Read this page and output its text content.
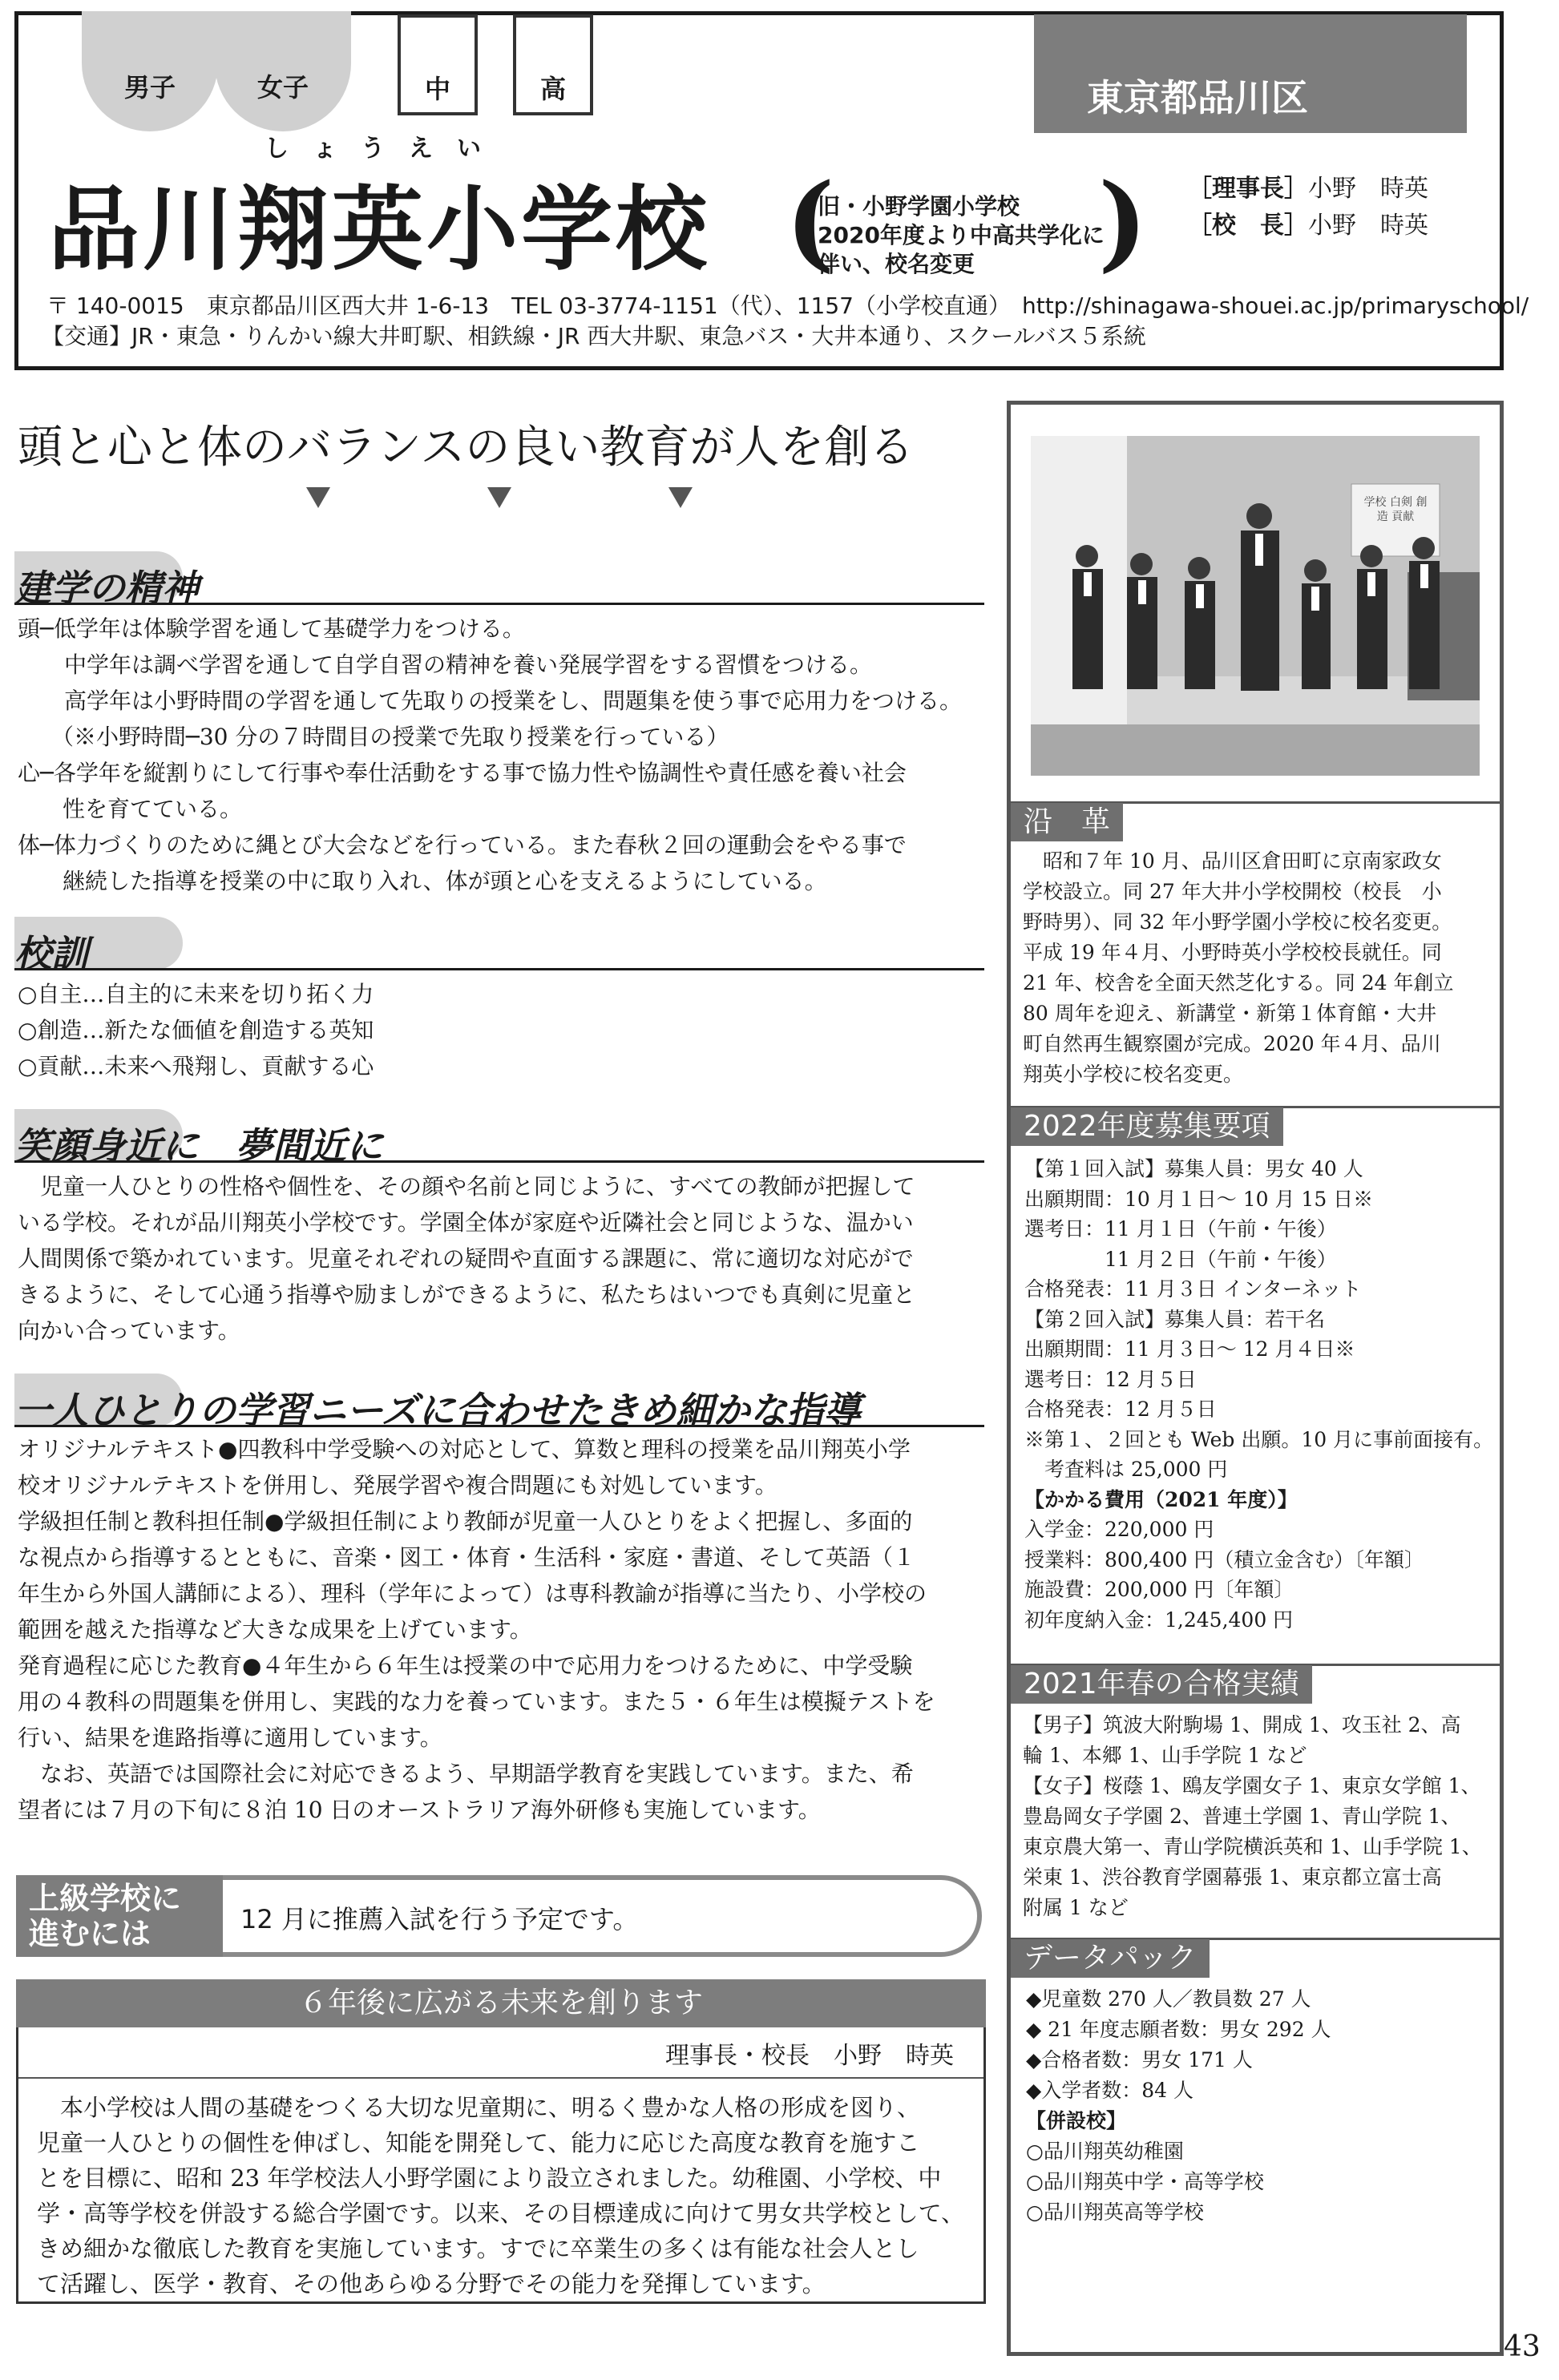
男子	女子	中	高	東京都品川区
しょうえい
品川翔英小学校 (
旧・小野学園小学校
2020年度より中高共学化に
伴い、校名変更	) ［理事長］小野　時英
［校　長］小野　時英
〒 140-0015　東京都品川区西大井 1-6-13　TEL 03-3774-1151（代）、1157（小学校直通）　http://shinagawa-shouei.ac.jp/primaryschool/
【交通】JR・東急・りんかい線大井町駅、相鉄線・JR 西大井駅、東急バス・大井本通り、スクールバス５系統
頭と心と体のバランスの良い教育が人を創る
建学の精神

頭─低学年は体験学習を通して基礎学力をつける。

中学年は調べ学習を通して自学自習の精神を養い発展学習をする習慣をつける。

高学年は小野時間の学習を通して先取りの授業をし、問題集を使う事で応用力をつける。

（※小野時間─30 分の７時間目の授業で先取り授業を行っている）

心─各学年を縦割りにして行事や奉仕活動をする事で協力性や協調性や責任感を養い社会

性を育てている。

体─体力づくりのために縄とび大会などを行っている。また春秋２回の運動会をやる事で

継続した指導を授業の中に取り入れ、体が頭と心を支えるようにしている。

校訓

○自主…自主的に未来を切り拓く力

○創造…新たな価値を創造する英知

○貢献…未来へ飛翔し、貢献する心

笑顔身近に　夢間近に

　児童一人ひとりの性格や個性を、その顔や名前と同じように、すべての教師が把握して

いる学校。それが品川翔英小学校です。学園全体が家庭や近隣社会と同じような、温かい

人間関係で築かれています。児童それぞれの疑問や直面する課題に、常に適切な対応がで

きるように、そして心通う指導や励ましができるように、私たちはいつでも真剣に児童と

向かい合っています。

一人ひとりの学習ニーズに合わせたきめ細かな指導

オリジナルテキスト●四教科中学受験への対応として、算数と理科の授業を品川翔英小学

校オリジナルテキストを併用し、発展学習や複合問題にも対処しています。

学級担任制と教科担任制●学級担任制により教師が児童一人ひとりをよく把握し、多面的

な視点から指導するとともに、音楽・図工・体育・生活科・家庭・書道、そして英語（１

年生から外国人講師による）、理科（学年によって）は専科教諭が指導に当たり、小学校の

範囲を越えた指導など大きな成果を上げています。

発育過程に応じた教育●４年生から６年生は授業の中で応用力をつけるために、中学受験

用の４教科の問題集を併用し、実践的な力を養っています。また５・６年生は模擬テストを

行い、結果を進路指導に適用しています。

　なお、英語では国際社会に対応できるよう、早期語学教育を実践しています。また、希

望者には７月の下旬に８泊 10 日のオーストラリア海外研修も実施しています。

上級学校に
進むには	12 月に推薦入試を行う予定です。
６年後に広がる未来を創ります
理事長・校長　小野　時英

　本小学校は人間の基礎をつくる大切な児童期に、明るく豊かな人格の形成を図り、

児童一人ひとりの個性を伸ばし、知能を開発して、能力に応じた高度な教育を施すこ

とを目標に、昭和 23 年学校法人小野学園により設立されました。幼稚園、小学校、中

学・高等学校を併設する総合学園です。以来、その目標達成に向けて男女共学校として、

きめ細かな徹底した教育を実施しています。すでに卒業生の多くは有能な社会人とし

て活躍し、医学・教育、その他あらゆる分野でその能力を発揮しています。

学校 白剣 創造 貢献
沿　革

　昭和７年 10 月、品川区倉田町に京南家政女

学校設立。同 27 年大井小学校開校（校長　小

野時男）、同 32 年小野学園小学校に校名変更。

平成 19 年４月、小野時英小学校校長就任。同

21 年、校舎を全面天然芝化する。同 24 年創立

80 周年を迎え、新講堂・新第１体育館・大井

町自然再生観察園が完成。2020 年４月、品川

翔英小学校に校名変更。

2022年度募集要項

【第１回入試】募集人員：男女 40 人

出願期間：10 月１日～ 10 月 15 日※

選考日：11 月１日（午前・午後）

　　　　11 月２日（午前・午後）

合格発表：11 月３日 インターネット

【第２回入試】募集人員：若干名

出願期間：11 月３日～ 12 月４日※

選考日：12 月５日

合格発表：12 月５日

※第１、２回とも Web 出願。10 月に事前面接有。

　考査料は 25,000 円

【かかる費用（2021 年度）】

入学金：220,000 円

授業料：800,400 円（積立金含む）〔年額〕

施設費：200,000 円〔年額〕

初年度納入金：1,245,400 円

2021年春の合格実績

【男子】筑波大附駒場 1、開成 1、攻玉社 2、高

輪 1、本郷 1、山手学院 1 など

【女子】桜蔭 1、鴎友学園女子 1、東京女学館 1、

豊島岡女子学園 2、普連土学園 1、青山学院 1、

東京農大第一、青山学院横浜英和 1、山手学院 1、

栄東 1、渋谷教育学園幕張 1、東京都立富士高

附属 1 など

データパック

◆児童数 270 人／教員数 27 人

◆ 21 年度志願者数：男女 292 人

◆合格者数：男女 171 人

◆入学者数：84 人

【併設校】

○品川翔英幼稚園

○品川翔英中学・高等学校

○品川翔英高等学校

43
